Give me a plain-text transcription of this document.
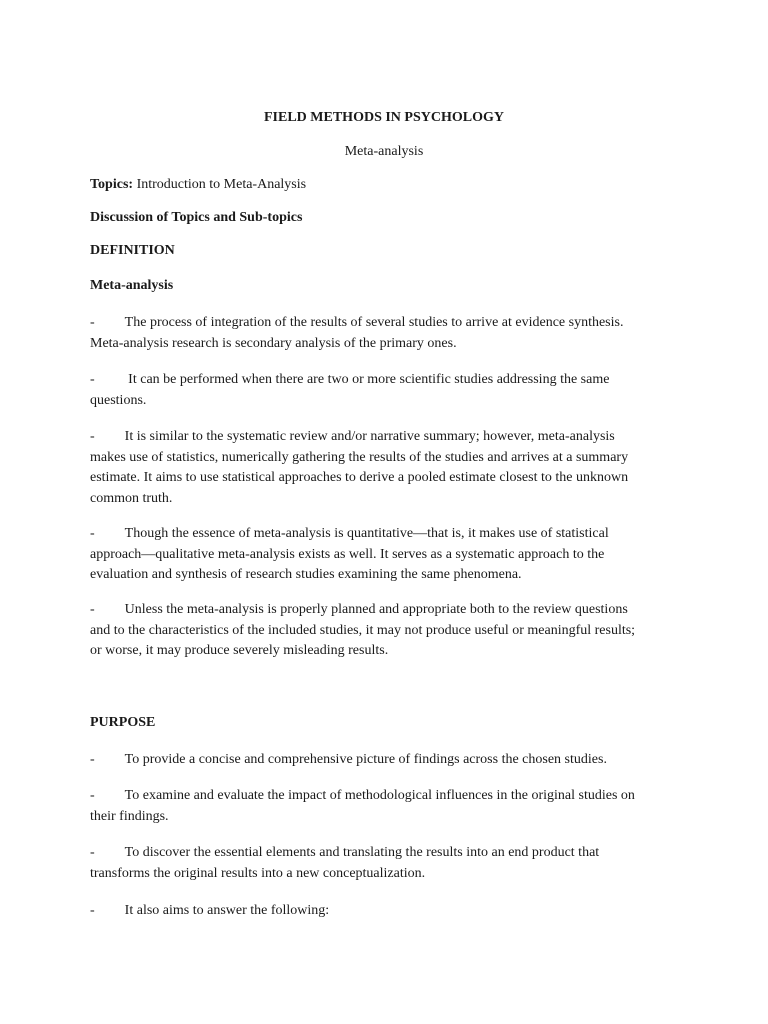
FIELD METHODS IN PSYCHOLOGY
Meta-analysis
Topics: Introduction to Meta-Analysis
Discussion of Topics and Sub-topics
DEFINITION
Meta-analysis
- The process of integration of the results of several studies to arrive at evidence synthesis.
Meta-analysis research is secondary analysis of the primary ones.
- It can be performed when there are two or more scientific studies addressing the same
questions.
- It is similar to the systematic review and/or narrative summary; however, meta-analysis
makes use of statistics, numerically gathering the results of the studies and arrives at a summary
estimate. It aims to use statistical approaches to derive a pooled estimate closest to the unknown
common truth.
- Though the essence of meta-analysis is quantitative—that is, it makes use of statistical
approach—qualitative meta-analysis exists as well. It serves as a systematic approach to the
evaluation and synthesis of research studies examining the same phenomena.
- Unless the meta-analysis is properly planned and appropriate both to the review questions
and to the characteristics of the included studies, it may not produce useful or meaningful results;
or worse, it may produce severely misleading results.
PURPOSE
- To provide a concise and comprehensive picture of findings across the chosen studies.
- To examine and evaluate the impact of methodological influences in the original studies on
their findings.
- To discover the essential elements and translating the results into an end product that
transforms the original results into a new conceptualization.
- It also aims to answer the following:
